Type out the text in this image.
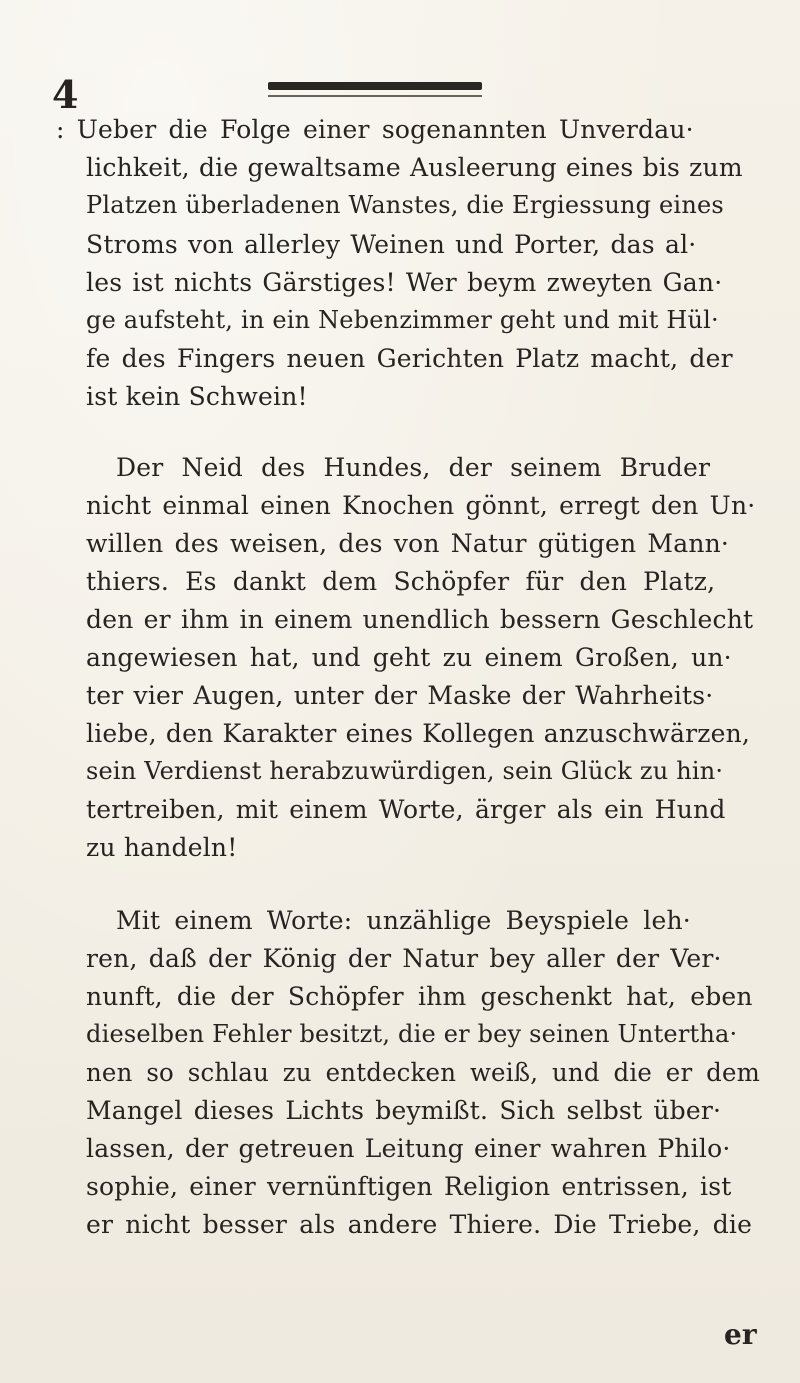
4
: Ueber die Folge einer sogenannten Unverdau·
lichkeit, die gewaltsame Ausleerung eines bis zum
Platzen überladenen Wanstes, die Ergiessung eines
Stroms von allerley Weinen und Porter, das al·
les ist nichts Gärstiges! Wer beym zweyten Gan·
ge aufsteht, in ein Nebenzimmer geht und mit Hül·
fe des Fingers neuen Gerichten Platz macht, der
ist kein Schwein!
Der Neid des Hundes, der seinem Bruder
nicht einmal einen Knochen gönnt, erregt den Un·
willen des weisen, des von Natur gütigen Mann·
thiers. Es dankt dem Schöpfer für den Platz,
den er ihm in einem unendlich bessern Geschlecht
angewiesen hat, und geht zu einem Großen, un·
ter vier Augen, unter der Maske der Wahrheits·
liebe, den Karakter eines Kollegen anzuschwärzen,
sein Verdienst herabzuwürdigen, sein Glück zu hin·
tertreiben, mit einem Worte, ärger als ein Hund
zu handeln!
Mit einem Worte: unzählige Beyspiele leh·
ren, daß der König der Natur bey aller der Ver·
nunft, die der Schöpfer ihm geschenkt hat, eben
dieselben Fehler besitzt, die er bey seinen Untertha·
nen so schlau zu entdecken weiß, und die er dem
Mangel dieses Lichts beymißt. Sich selbst über·
lassen, der getreuen Leitung einer wahren Philo·
sophie, einer vernünftigen Religion entrissen, ist
er nicht besser als andere Thiere. Die Triebe, die
er
